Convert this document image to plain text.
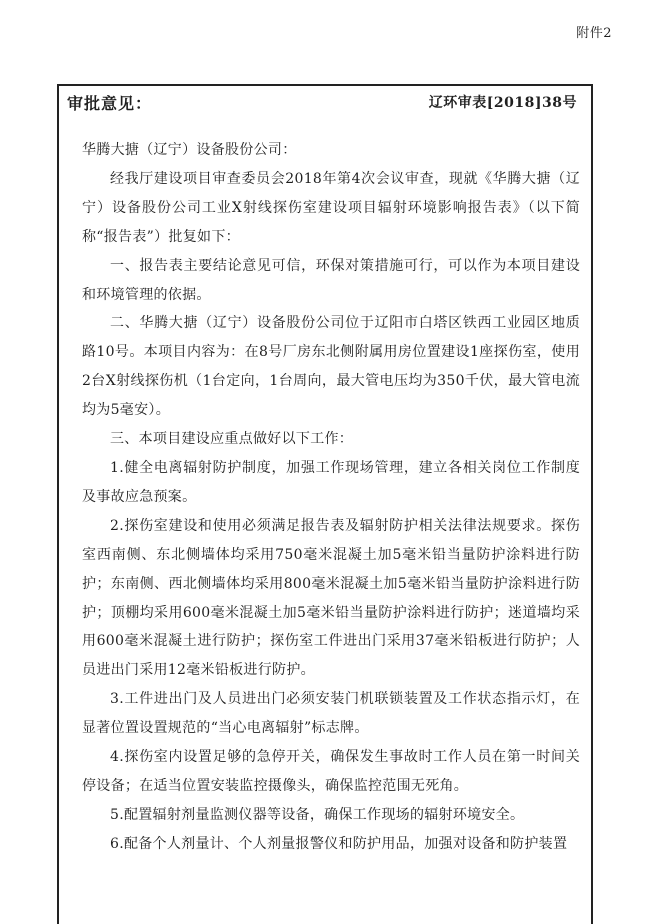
附件2
审批意见：	辽环审表[2018]38号

华腾大搪（辽宁）设备股份公司：

经我厅建设项目审查委员会2018年第4次会议审查，现就《华腾大搪（辽宁）设备股份公司工业X射线探伤室建设项目辐射环境影响报告表》（以下简称“报告表”）批复如下：

一、报告表主要结论意见可信，环保对策措施可行，可以作为本项目建设和环境管理的依据。

二、华腾大搪（辽宁）设备股份公司位于辽阳市白塔区铁西工业园区地质路10号。本项目内容为：在8号厂房东北侧附属用房位置建设1座探伤室，使用2台X射线探伤机（1台定向，1台周向，最大管电压均为350千伏，最大管电流均为5毫安）。

三、本项目建设应重点做好以下工作：

1.健全电离辐射防护制度，加强工作现场管理，建立各相关岗位工作制度及事故应急预案。

2.探伤室建设和使用必须满足报告表及辐射防护相关法律法规要求。探伤室西南侧、东北侧墙体均采用750毫米混凝土加5毫米铅当量防护涂料进行防护；东南侧、西北侧墙体均采用800毫米混凝土加5毫米铅当量防护涂料进行防护；顶棚均采用600毫米混凝土加5毫米铅当量防护涂料进行防护；迷道墙均采用600毫米混凝土进行防护；探伤室工件进出门采用37毫米铅板进行防护；人员进出门采用12毫米铅板进行防护。

3.工件进出门及人员进出门必须安装门机联锁装置及工作状态指示灯，在显著位置设置规范的“当心电离辐射”标志牌。

4.探伤室内设置足够的急停开关，确保发生事故时工作人员在第一时间关停设备；在适当位置安装监控摄像头，确保监控范围无死角。

5.配置辐射剂量监测仪器等设备，确保工作现场的辐射环境安全。

6.配备个人剂量计、个人剂量报警仪和防护用品，加强对设备和防护装置
